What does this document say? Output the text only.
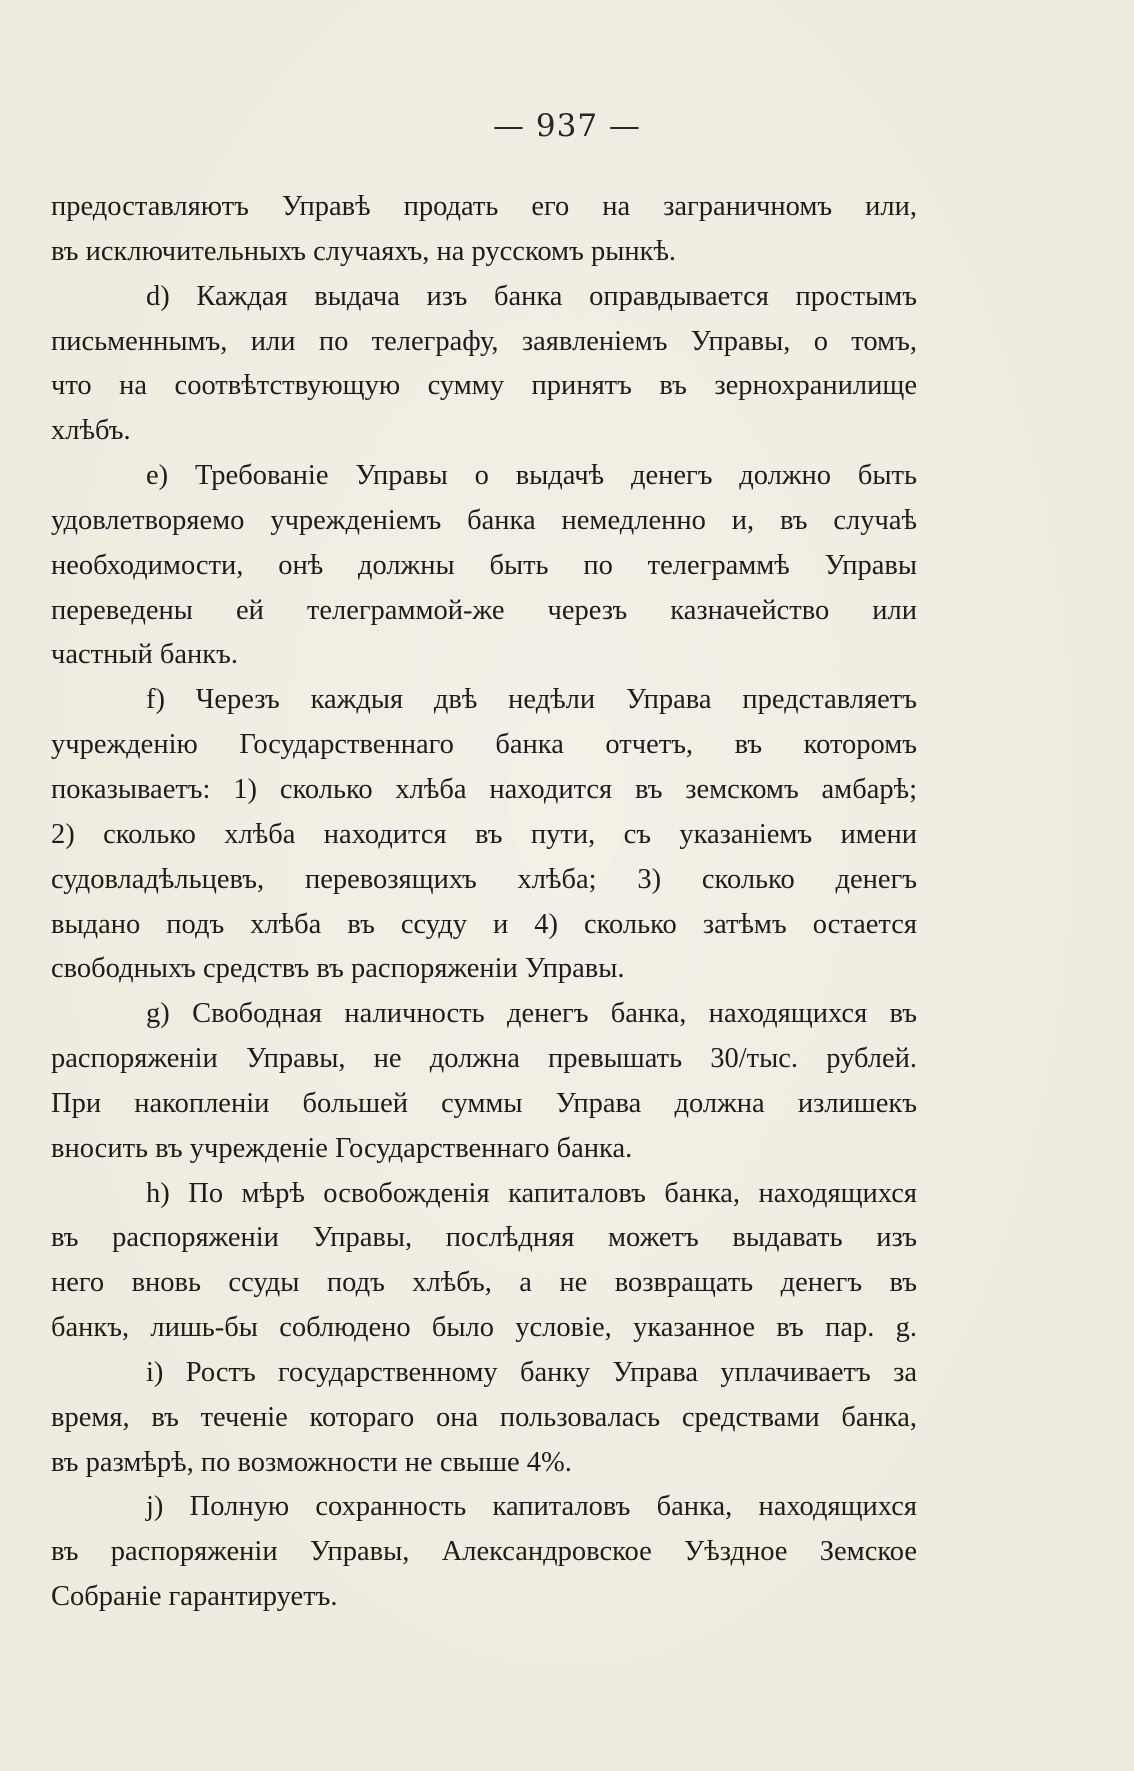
— 937 —
предоставляютъ Управѣ продать его на заграничномъ или,
въ исключительныхъ случаяхъ, на русскомъ рынкѣ.
d) Каждая выдача изъ банка оправдывается простымъ
письменнымъ, или по телеграфу, заявленіемъ Управы, о томъ,
что на соотвѣтствующую сумму принятъ въ зернохранилище
хлѣбъ.
e) Требованіе Управы о выдачѣ денегъ должно быть
удовлетворяемо учрежденіемъ банка немедленно и, въ случаѣ
необходимости, онѣ должны быть по телеграммѣ Управы
переведены ей телеграммой-же черезъ казначейство или
частный банкъ.
f) Черезъ каждыя двѣ недѣли Управа представляетъ
учрежденію Государственнаго банка отчетъ, въ которомъ
показываетъ: 1) сколько хлѣба находится въ земскомъ амбарѣ;
2) сколько хлѣба находится въ пути, съ указаніемъ имени
судовладѣльцевъ, перевозящихъ хлѣба; 3) сколько денегъ
выдано подъ хлѣба въ ссуду и 4) сколько затѣмъ остается
свободныхъ средствъ въ распоряженіи Управы.
g) Свободная наличность денегъ банка, находящихся въ
распоряженіи Управы, не должна превышать 30/тыс. рублей.
При накопленіи большей суммы Управа должна излишекъ
вносить въ учрежденіе Государственнаго банка.
h) По мѣрѣ освобожденія капиталовъ банка, находящихся
въ распоряженіи Управы, послѣдняя можетъ выдавать изъ
него вновь ссуды подъ хлѣбъ, а не возвращать денегъ въ
банкъ, лишь-бы соблюдено было условіе, указанное въ пар. g.
i) Ростъ государственному банку Управа уплачиваетъ за
время, въ теченіе котораго она пользовалась средствами банка,
въ размѣрѣ, по возможности не свыше 4%.
j) Полную сохранность капиталовъ банка, находящихся
въ распоряженіи Управы, Александровское Уѣздное Земское
Собраніе гарантируетъ.
